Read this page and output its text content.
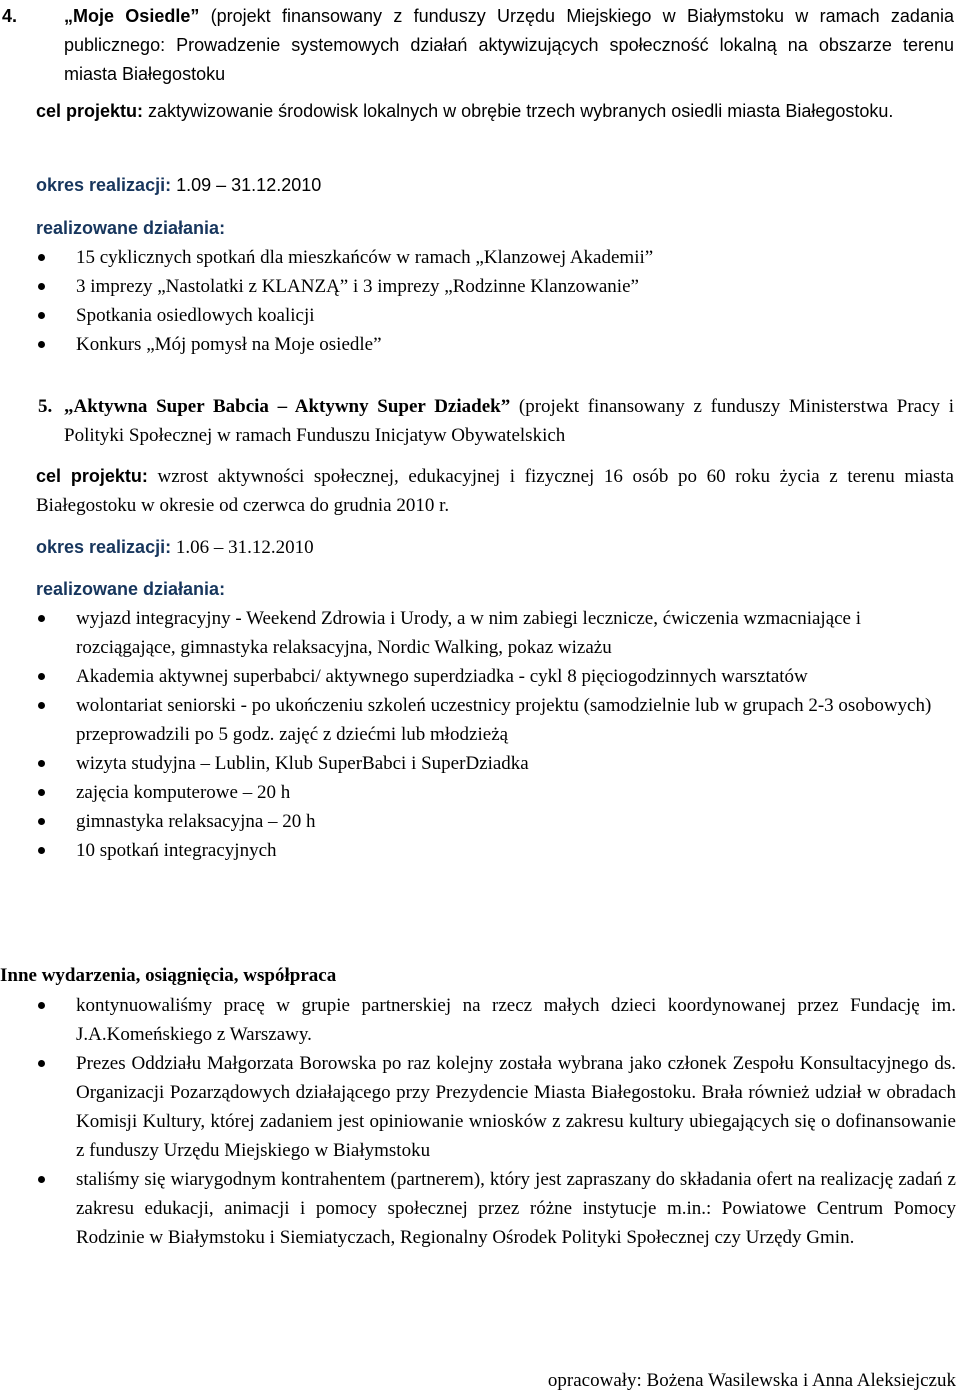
4.	„Moje Osiedle” (projekt finansowany z funduszy Urzędu Miejskiego w Białymstoku w ramach zadania publicznego: Prowadzenie systemowych działań aktywizujących społeczność lokalną na obszarze terenu miasta Białegostoku
cel projektu: zaktywizowanie środowisk lokalnych w obrębie trzech wybranych osiedli miasta Białegostoku.
okres realizacji: 1.09 – 31.12.2010
realizowane działania:
15 cyklicznych spotkań dla mieszkańców w ramach „Klanzowej Akademii”
3 imprezy „Nastolatki z KLANZĄ” i 3 imprezy „Rodzinne Klanzowanie”
Spotkania osiedlowych koalicji
Konkurs „Mój pomysł na Moje osiedle”
5. „Aktywna Super Babcia – Aktywny Super Dziadek” (projekt finansowany z funduszy Ministerstwa Pracy i Polityki Społecznej w ramach Funduszu Inicjatyw Obywatelskich
cel projektu: wzrost aktywności społecznej, edukacyjnej i fizycznej 16 osób po 60 roku życia z terenu miasta Białegostoku w okresie od czerwca do grudnia 2010 r.
okres realizacji: 1.06 – 31.12.2010
realizowane działania:
wyjazd integracyjny - Weekend Zdrowia i Urody, a w nim zabiegi lecznicze, ćwiczenia wzmacniające i rozciągające, gimnastyka relaksacyjna, Nordic Walking, pokaz wizażu
Akademia aktywnej superbabci/ aktywnego superdziadka - cykl 8 pięciogodzinnych warsztatów
wolontariat seniorski - po ukończeniu szkoleń uczestnicy projektu (samodzielnie lub w grupach 2-3 osobowych) przeprowadzili po 5 godz. zajęć z dziećmi lub młodzieżą
wizyta studyjna – Lublin, Klub SuperBabci i SuperDziadka
zajęcia komputerowe – 20 h
gimnastyka relaksacyjna – 20 h
10 spotkań integracyjnych
Inne wydarzenia, osiągnięcia, współpraca
kontynuowaliśmy pracę w grupie partnerskiej na rzecz małych dzieci koordynowanej przez Fundację im. J.A.Komeńskiego z Warszawy.
Prezes Oddziału Małgorzata Borowska po raz kolejny została wybrana jako członek Zespołu Konsultacyjnego ds. Organizacji Pozarządowych działającego przy Prezydencie Miasta Białegostoku. Brała również udział w obradach Komisji Kultury, której zadaniem jest opiniowanie wniosków z zakresu kultury ubiegających się o dofinansowanie z funduszy Urzędu Miejskiego w Białymstoku
staliśmy się wiarygodnym kontrahentem (partnerem), który jest zapraszany do składania ofert na realizację zadań z zakresu edukacji, animacji i pomocy społecznej przez różne instytucje m.in.: Powiatowe Centrum Pomocy Rodzinie w Białymstoku i Siemiatyczach, Regionalny Ośrodek Polityki Społecznej czy Urzędy Gmin.
opracowały: Bożena Wasilewska i Anna Aleksiejczuk
